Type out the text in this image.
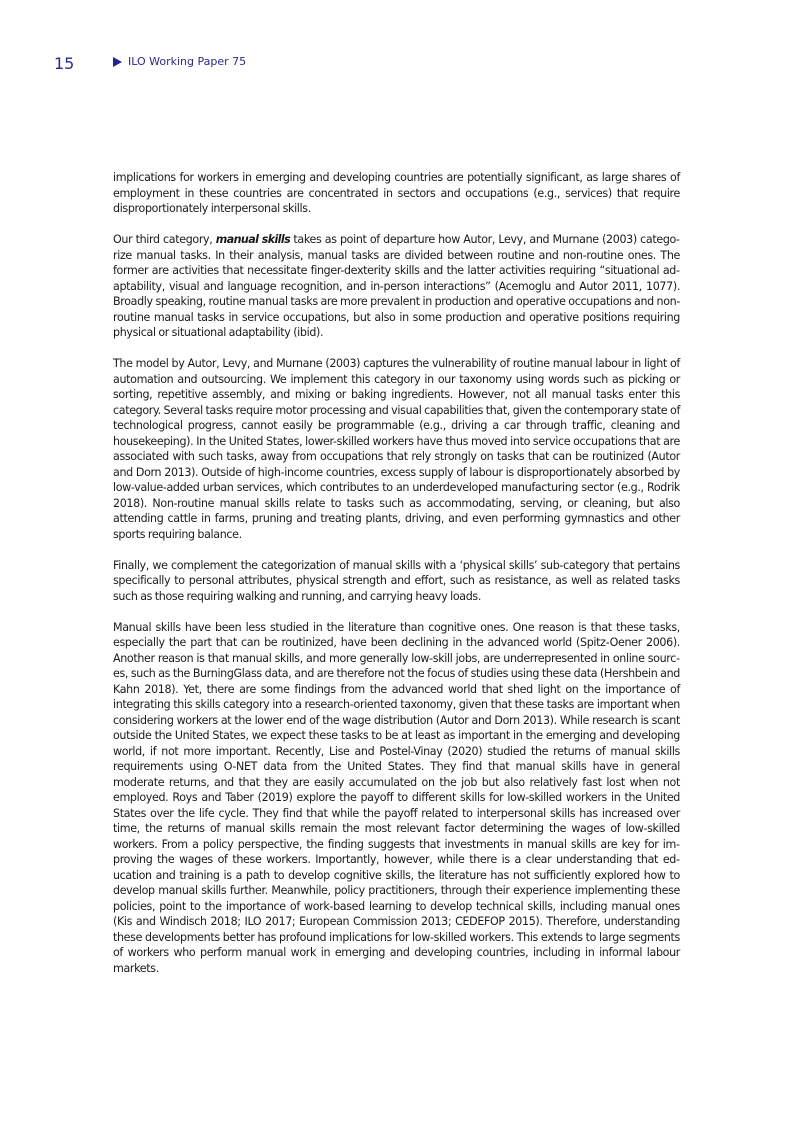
15	ILO Working Paper 75

implications for workers in emerging and developing countries are potentially significant, as large shares of employment in these countries are concentrated in sectors and occupations (e.g., services) that require disproportionately interpersonal skills.

Our third category, manual skills takes as point of departure how Autor, Levy, and Murnane (2003) categorize manual tasks. In their analysis, manual tasks are divided between routine and non-routine ones. The former are activities that necessitate finger-dexterity skills and the latter activities requiring “situational adaptability, visual and language recognition, and in-person interactions” (Acemoglu and Autor 2011, 1077). Broadly speaking, routine manual tasks are more prevalent in production and operative occupations and non-routine manual tasks in service occupations, but also in some production and operative positions requiring physical or situational adaptability (ibid).

The model by Autor, Levy, and Murnane (2003) captures the vulnerability of routine manual labour in light of automation and outsourcing. We implement this category in our taxonomy using words such as picking or sorting, repetitive assembly, and mixing or baking ingredients. However, not all manual tasks enter this category. Several tasks require motor processing and visual capabilities that, given the contemporary state of technological progress, cannot easily be programmable (e.g., driving a car through traffic, cleaning and housekeeping). In the United States, lower-skilled workers have thus moved into service occupations that are associated with such tasks, away from occupations that rely strongly on tasks that can be routinized (Autor and Dorn 2013). Outside of high-income countries, excess supply of labour is disproportionately absorbed by low-value-added urban services, which contributes to an underdeveloped manufacturing sector (e.g., Rodrik 2018). Non-routine manual skills relate to tasks such as accommodating, serving, or cleaning, but also attending cattle in farms, pruning and treating plants, driving, and even performing gymnastics and other sports requiring balance.

Finally, we complement the categorization of manual skills with a ‘physical skills’ sub-category that pertains specifically to personal attributes, physical strength and effort, such as resistance, as well as related tasks such as those requiring walking and running, and carrying heavy loads.

Manual skills have been less studied in the literature than cognitive ones. One reason is that these tasks, especially the part that can be routinized, have been declining in the advanced world (Spitz-Oener 2006). Another reason is that manual skills, and more generally low-skill jobs, are underrepresented in online sources, such as the BurningGlass data, and are therefore not the focus of studies using these data (Hershbein and Kahn 2018). Yet, there are some findings from the advanced world that shed light on the importance of integrating this skills category into a research-oriented taxonomy, given that these tasks are important when considering workers at the lower end of the wage distribution (Autor and Dorn 2013). While research is scant outside the United States, we expect these tasks to be at least as important in the emerging and developing world, if not more important. Recently, Lise and Postel-Vinay (2020) studied the returns of manual skills requirements using O-NET data from the United States. They find that manual skills have in general moderate returns, and that they are easily accumulated on the job but also relatively fast lost when not employed. Roys and Taber (2019) explore the payoff to different skills for low-skilled workers in the United States over the life cycle. They find that while the payoff related to interpersonal skills has increased over time, the returns of manual skills remain the most relevant factor determining the wages of low-skilled workers. From a policy perspective, the finding suggests that investments in manual skills are key for improving the wages of these workers. Importantly, however, while there is a clear understanding that education and training is a path to develop cognitive skills, the literature has not sufficiently explored how to develop manual skills further. Meanwhile, policy practitioners, through their experience implementing these policies, point to the importance of work-based learning to develop technical skills, including manual ones (Kis and Windisch 2018; ILO 2017; European Commission 2013; CEDEFOP 2015). Therefore, understanding these developments better has profound implications for low-skilled workers. This extends to large segments of workers who perform manual work in emerging and developing countries, including in informal labour markets.
